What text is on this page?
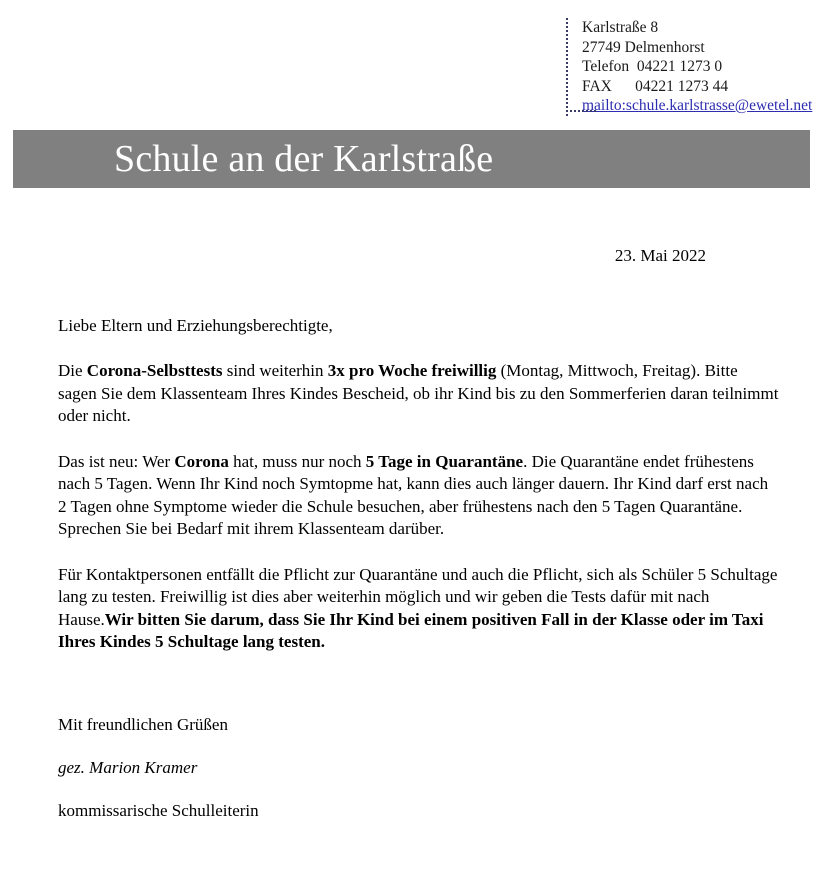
Karlstraße 8
27749 Delmenhorst
Telefon  04221 1273 0
FAX      04221 1273 44
mailto:schule.karlstrasse@ewetel.net
Schule an der Karlstraße
23. Mai 2022
Liebe Eltern und Erziehungsberechtigte,
Die Corona-Selbsttests sind weiterhin 3x pro Woche freiwillig (Montag, Mittwoch, Freitag). Bitte sagen Sie dem Klassenteam Ihres Kindes Bescheid, ob ihr Kind bis zu den Sommerferien daran teilnimmt oder nicht.
Das ist neu: Wer Corona hat, muss nur noch 5 Tage in Quarantäne. Die Quarantäne endet frühestens nach 5 Tagen. Wenn Ihr Kind noch Symtopme hat, kann dies auch länger dauern. Ihr Kind darf erst nach 2 Tagen ohne Symptome wieder die Schule besuchen, aber frühestens nach den 5 Tagen Quarantäne. Sprechen Sie bei Bedarf mit ihrem Klassenteam darüber.
Für Kontaktpersonen entfällt die Pflicht zur Quarantäne und auch die Pflicht, sich als Schüler 5 Schultage lang zu testen. Freiwillig ist dies aber weiterhin möglich und wir geben die Tests dafür mit nach Hause.Wir bitten Sie darum, dass Sie Ihr Kind bei einem positiven Fall in der Klasse oder im Taxi Ihres Kindes 5 Schultage lang testen.
Mit freundlichen Grüßen
gez. Marion Kramer
kommissarische Schulleiterin
